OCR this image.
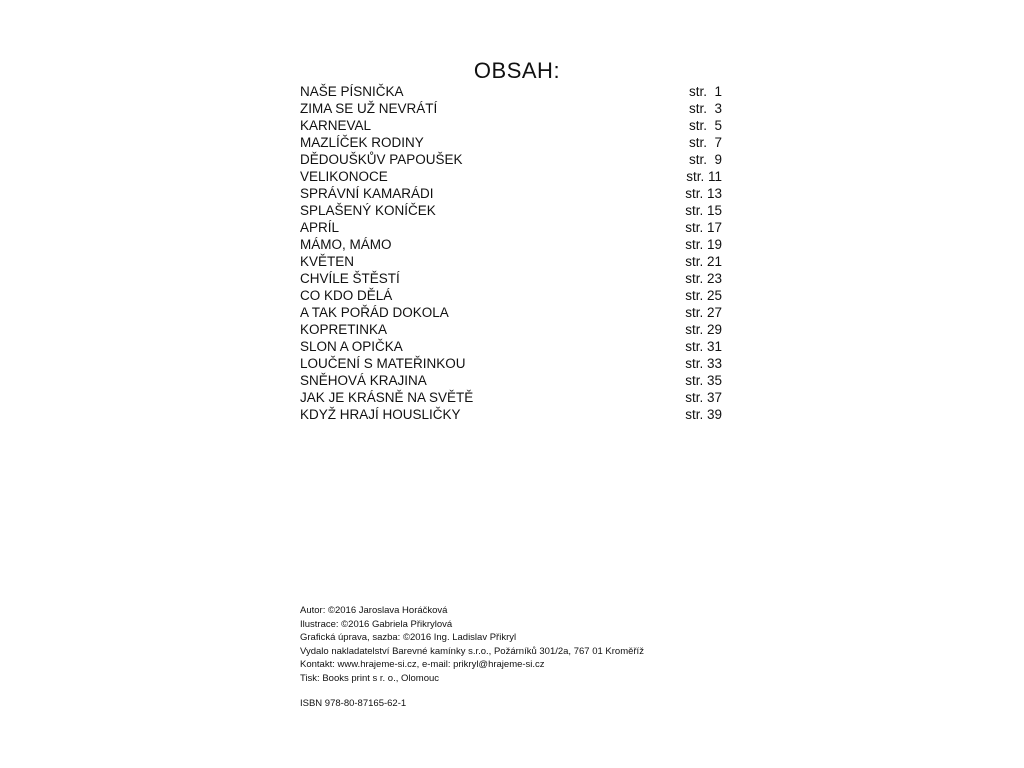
OBSAH:
NAŠE PÍSNIČKA	str.  1
ZIMA SE UŽ NEVRÁTÍ	str.  3
KARNEVAL	str.  5
MAZLÍČEK RODINY	str.  7
DĚDOUŠKŮV PAPOUŠEK	str.  9
VELIKONOCE	str. 11
SPRÁVNÍ KAMARÁDI	str. 13
SPLAŠENÝ KONÍČEK	str. 15
APRÍL	str. 17
MÁMO, MÁMO	str. 19
KVĚTEN	str. 21
CHVÍLE ŠTĚSTÍ	str. 23
CO KDO DĚLÁ	str. 25
A TAK POŘÁD DOKOLA	str. 27
KOPRETINKA	str. 29
SLON A OPIČKA	str. 31
LOUČENÍ S MATEŘINKOU	str. 33
SNĚHOVÁ KRAJINA	str. 35
JAK JE KRÁSNĚ NA SVĚTĚ	str. 37
KDYŽ HRAJÍ HOUSLIČKY	str. 39
Autor: ©2016 Jaroslava Horáčková
Ilustrace: ©2016 Gabriela Přikrylová
Grafická úprava, sazba: ©2016 Ing. Ladislav Přikryl
Vydalo nakladatelství Barevné kamínky s.r.o., Požárníků 301/2a, 767 01 Kroměříž
Kontakt: www.hrajeme-si.cz, e-mail: prikryl@hrajeme-si.cz
Tisk: Books print s r. o., Olomouc
ISBN 978-80-87165-62-1
